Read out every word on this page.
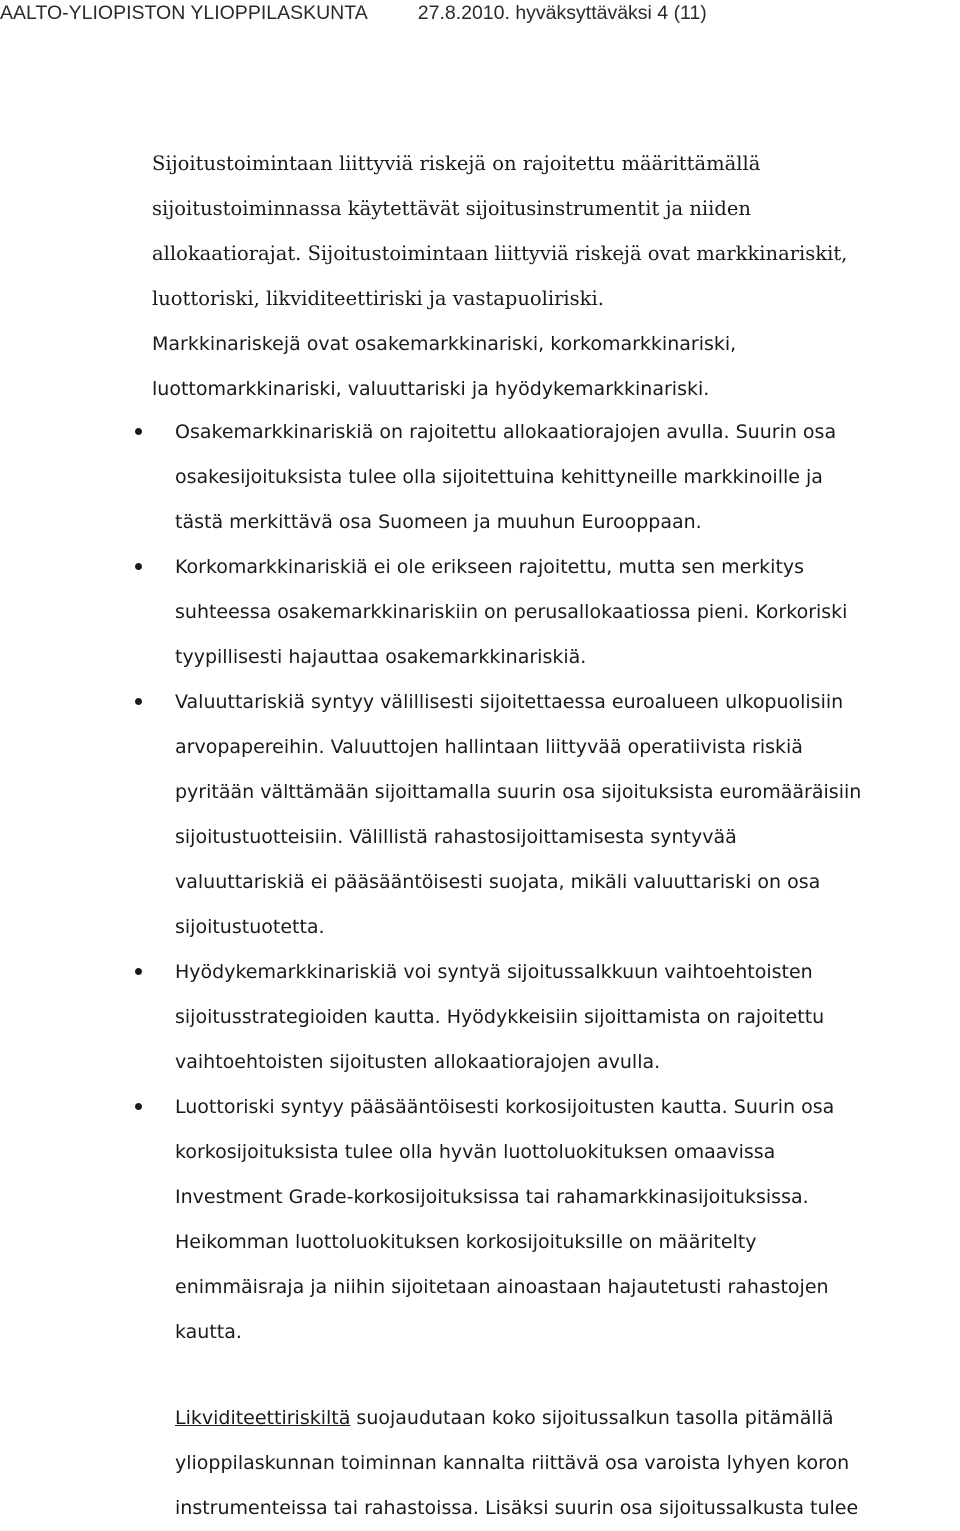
AALTO-YLIOPISTON YLIOPPILASKUNTA	27.8.2010. hyväksyttäväksi 4 (11)
Sijoitustoimintaan liittyviä riskejä on rajoitettu määrittämällä
sijoitustoiminnassa käytettävät sijoitusinstrumentit ja niiden
allokaatiorajat. Sijoitustoimintaan liittyviä riskejä ovat markkinariskit,
luottoriski, likviditeettiriski ja vastapuoliriski.
Markkinariskejä ovat osakemarkkinariski, korkomarkkinariski,
luottomarkkinariski, valuuttariski ja hyödykemarkkinariski.
Osakemarkkinariskiä on rajoitettu allokaatiorajojen avulla. Suurin osa
osakesijoituksista tulee olla sijoitettuina kehittyneille markkinoille ja
tästä merkittävä osa Suomeen ja muuhun Eurooppaan.
Korkomarkkinariskiä ei ole erikseen rajoitettu, mutta sen merkitys
suhteessa osakemarkkinariskiin on perusallokaatiossa pieni. Korkoriski
tyypillisesti hajauttaa osakemarkkinariskiä.
Valuuttariskiä syntyy välillisesti sijoitettaessa euroalueen ulkopuolisiin
arvopapereihin. Valuuttojen hallintaan liittyvää operatiivista riskiä
pyritään välttämään sijoittamalla suurin osa sijoituksista euromääräisiin
sijoitustuotteisiin. Välillistä rahastosijoittamisesta syntyvää
valuuttariskiä ei pääsääntöisesti suojata, mikäli valuuttariski on osa
sijoitustuotetta.
Hyödykemarkkinariskiä voi syntyä sijoitussalkkuun vaihtoehtoisten
sijoitusstrategioiden kautta. Hyödykkeisiin sijoittamista on rajoitettu
vaihtoehtoisten sijoitusten allokaatiorajojen avulla.
Luottoriski syntyy pääsääntöisesti korkosijoitusten kautta. Suurin osa
korkosijoituksista tulee olla hyvän luottoluokituksen omaavissa
Investment Grade-korkosijoituksissa tai rahamarkkinasijoituksissa.
Heikomman luottoluokituksen korkosijoituksille on määritelty
enimmäisraja ja niihin sijoitetaan ainoastaan hajautetusti rahastojen
kautta.
Likviditeettiriskiltä suojaudutaan koko sijoitussalkun tasolla pitämällä
ylioppilaskunnan toiminnan kannalta riittävä osa varoista lyhyen koron
instrumenteissa tai rahastoissa. Lisäksi suurin osa sijoitussalkusta tulee
